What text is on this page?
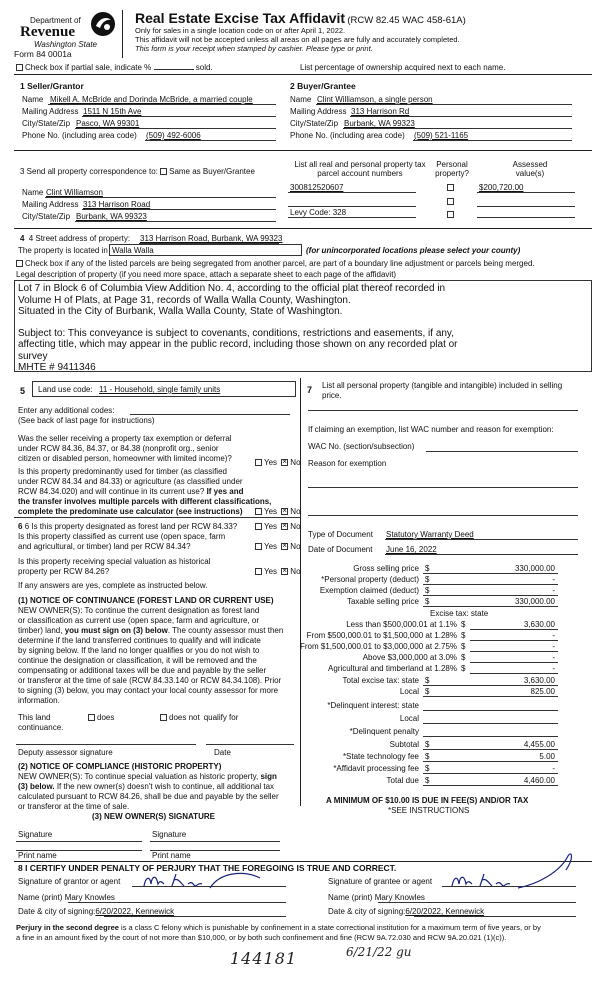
Department of
Revenue
Washington State
Form 84 0001a
Real Estate Excise Tax Affidavit (RCW 82.45 WAC 458-61A)
Only for sales in a single location code on or after April 1, 2022.
This affidavit will not be accepted unless all areas on all pages are fully and accurately completed.
This form is your receipt when stamped by cashier. Please type or print.
Check box if partial sale, indicate %	sold.	List percentage of ownership acquired next to each name.
1 Seller/Grantor
Name Mikell A. McBride and Dorinda McBride, a married couple
Mailing Address 1511 N 15th Ave
City/State/Zip Pasco, WA 99301
Phone No. (including area code) (509) 492-6006
2 Buyer/Grantee
Name Clint Williamson, a single person
Mailing Address 313 Harrison Rd
City/State/Zip Burbank, WA 99323
Phone No. (including area code) (509) 521-1165
3 Send all property correspondence to: Same as Buyer/Grantee
Name Clint Williamson
Mailing Address 313 Harrison Road
City/State/Zip Burbank, WA 99323
List all real and personal property tax parcel account numbers
Personal property?
Assessed value(s)
300812520607	$200,720.00
Levy Code: 328
4 4 Street address of property: 313 Harrison Road, Burbank, WA 99323
The property is located in Walla Walla	(for unincorporated locations please select your county)
Check box if any of the listed parcels are being segregated from another parcel, are part of a boundary line adjustment or parcels being merged.
Legal description of property (if you need more space, attach a separate sheet to each page of the affidavit)
Lot 7 in Block 6 of Columbia View Addition No. 4, according to the official plat thereof recorded in
Volume H of Plats, at Page 31, records of Walla Walla County, Washington.
Situated in the City of Burbank, Walla Walla County, State of Washington.
Subject to: This conveyance is subject to covenants, conditions, restrictions and easements, if any,
affecting title, which may appear in the public record, including those shown on any recorded plat or
survey
MHTE # 9411346
5 Land use code: 11 - Household, single family units
Enter any additional codes:
(See back of last page for instructions)
Was the seller receiving a property tax exemption or deferral
under RCW 84.36, 84.37, or 84.38 (nonprofit org., senior
citizen or disabled person, homeowner with limited income)?	Yes × No
Is this property predominantly used for timber (as classified
under RCW 84.34 and 84.33) or agriculture (as classified under
RCW 84.34.020) and will continue in its current use? If yes and
the transfer involves multiple parcels with different classifications,
complete the predominate use calculator (see instructions)	Yes × No
6 6 Is this property designated as forest land per RCW 84.33?	Yes × No
Is this property classified as current use (open space, farm
and agricultural, or timber) land per RCW 84.34?	Yes × No
Is this property receiving special valuation as historical
property per RCW 84.26?	Yes × No
If any answers are yes, complete as instructed below.
(1) NOTICE OF CONTINUANCE (FOREST LAND OR CURRENT USE)
NEW OWNER(S): To continue the current designation as forest land
or classification as current use (open space, farm and agriculture, or
timber) land, you must sign on (3) below. The county assessor must then
determine if the land transferred continues to qualify and will indicate
by signing below. If the land no longer qualifies or you do not wish to
continue the designation or classification, it will be removed and the
compensating or additional taxes will be due and payable by the seller
or transferor at the time of sale (RCW 84.33.140 or RCW 84.34.108). Prior
to signing (3) below, you may contact your local county assessor for more
information.
This land	does	does not qualify for
continuance.
Deputy assessor signature	Date
(2) NOTICE OF COMPLIANCE (HISTORIC PROPERTY)
NEW OWNER(S): To continue special valuation as historic property, sign
(3) below. If the new owner(s) doesn't wish to continue, all additional tax
calculated pursuant to RCW 84.26, shall be due and payable by the seller
or transferor at the time of sale.
(3) NEW OWNER(S) SIGNATURE
Signature	Signature
Print name	Print name
7 List all personal property (tangible and intangible) included in selling
price.
If claiming an exemption, list WAC number and reason for exemption:
WAC No. (section/subsection)
Reason for exemption
Type of Document Statutory Warranty Deed
Date of Document June 16, 2022
Gross selling price $	330,000.00
*Personal property (deduct) $	-
Exemption claimed (deduct) $	-
Taxable selling price $	330,000.00
Excise tax: state
Less than $500,000.01 at 1.1% $	3,630.00
From $500,000.01 to $1,500,000 at 1.28% $	-
From $1,500,000.01 to $3,000,000 at 2.75% $	-
Above $3,000,000 at 3.0% $	-
Agricultural and timberland at 1.28% $	-
Total excise tax: state $	3,630.00
Local $	825.00
*Delinquent interest: state
Local
*Delinquent penalty
Subtotal $	4,455.00
*State technology fee $	5.00
*Affidavit processing fee $	-
Total due $	4,460.00
A MINIMUM OF $10.00 IS DUE IN FEE(S) AND/OR TAX
*SEE INSTRUCTIONS
8 I CERTIFY UNDER PENALTY OF PERJURY THAT THE FOREGOING IS TRUE AND CORRECT.
Signature of grantor or agent	Signature of grantee or agent
Name (print) Mary Knowles	Name (print) Mary Knowles
Date & city of signing:6/20/2022, Kennewick	Date & city of signing:6/20/2022, Kennewick
Perjury in the second degree is a class C felony which is punishable by confinement in a state correctional institution for a maximum term of five years, or by
a fine in an amount fixed by the court of not more than $10,000, or by both such confinement and fine (RCW 9A.72.030 and RCW 9A.20.021 (1)(c)).
144181	6/21/22 gu
